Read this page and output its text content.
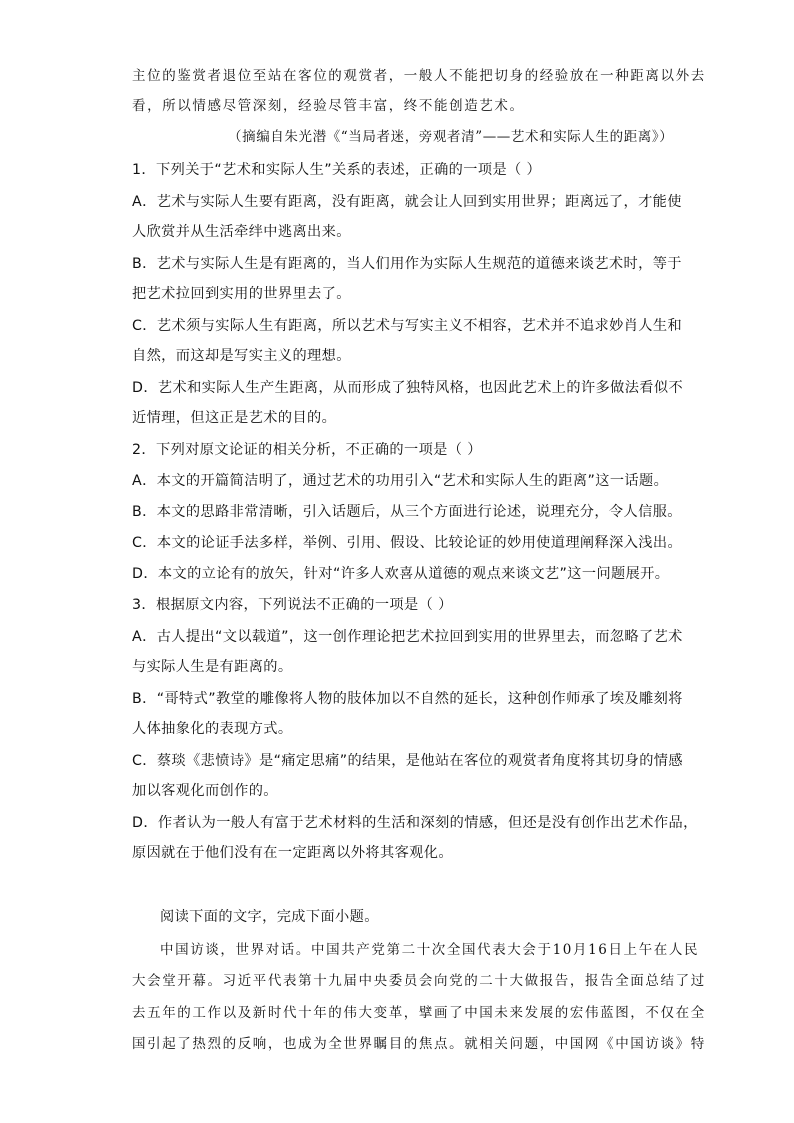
主位的鉴赏者退位至站在客位的观赏者，一般人不能把切身的经验放在一种距离以外去
看，所以情感尽管深刻，经验尽管丰富，终不能创造艺术。
（摘编自朱光潜《“当局者迷，旁观者清”——艺术和实际人生的距离》）
1．下列关于“艺术和实际人生”关系的表述，正确的一项是（ ）
A．艺术与实际人生要有距离，没有距离，就会让人回到实用世界；距离远了，才能使
人欣赏并从生活牵绊中逃离出来。
B．艺术与实际人生是有距离的，当人们用作为实际人生规范的道德来谈艺术时，等于
把艺术拉回到实用的世界里去了。
C．艺术须与实际人生有距离，所以艺术与写实主义不相容，艺术并不追求妙肖人生和
自然，而这却是写实主义的理想。
D．艺术和实际人生产生距离，从而形成了独特风格，也因此艺术上的许多做法看似不
近情理，但这正是艺术的目的。
2．下列对原文论证的相关分析，不正确的一项是（ ）
A．本文的开篇简洁明了，通过艺术的功用引入“艺术和实际人生的距离”这一话题。
B．本文的思路非常清晰，引入话题后，从三个方面进行论述，说理充分，令人信服。
C．本文的论证手法多样，举例、引用、假设、比较论证的妙用使道理阐释深入浅出。
D．本文的立论有的放矢，针对“许多人欢喜从道德的观点来谈文艺”这一问题展开。
3．根据原文内容，下列说法不正确的一项是（ ）
A．古人提出“文以载道”，这一创作理论把艺术拉回到实用的世界里去，而忽略了艺术
与实际人生是有距离的。
B．“哥特式”教堂的雕像将人物的肢体加以不自然的延长，这种创作师承了埃及雕刻将
人体抽象化的表现方式。
C．蔡琰《悲愤诗》是“痛定思痛”的结果，是他站在客位的观赏者角度将其切身的情感
加以客观化而创作的。
D．作者认为一般人有富于艺术材料的生活和深刻的情感，但还是没有创作出艺术作品，
原因就在于他们没有在一定距离以外将其客观化。
阅读下面的文字，完成下面小题。
中国访谈，世界对话。中国共产党第二十次全国代表大会于10月16日上午在人民
大会堂开幕。习近平代表第十九届中央委员会向党的二十大做报告，报告全面总结了过
去五年的工作以及新时代十年的伟大变革，擘画了中国未来发展的宏伟蓝图，不仅在全
国引起了热烈的反响，也成为全世界瞩目的焦点。就相关问题，中国网《中国访谈》特
